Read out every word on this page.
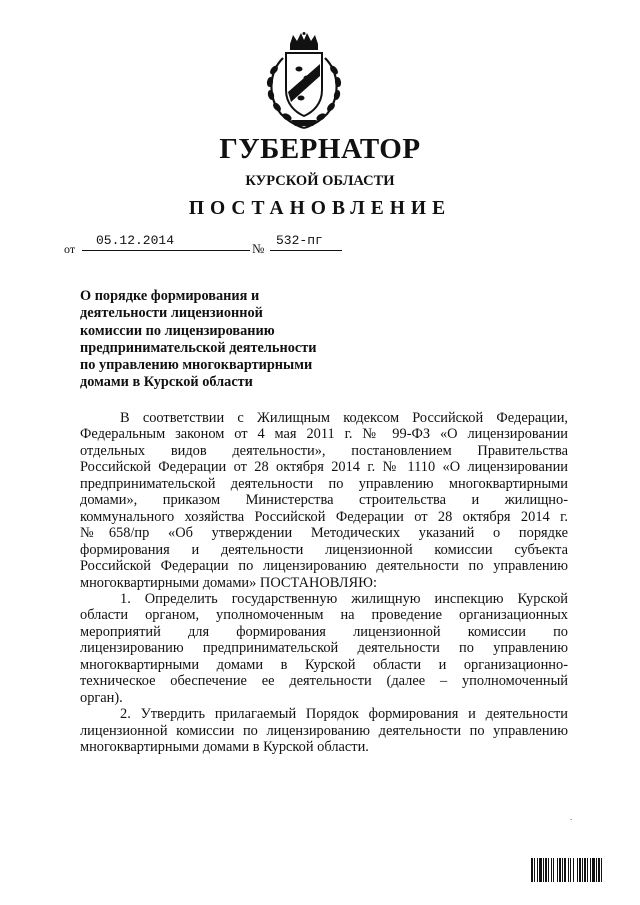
ГУБЕРНАТОР
КУРСКОЙ ОБЛАСТИ
ПОСТАНОВЛЕНИЕ
от
05.12.2014
№
532-пг
О порядке формирования и
деятельности лицензионной
комиссии по лицензированию
предпринимательской деятельности
по управлению многоквартирными
домами в Курской области
В соответствии с Жилищным кодексом Российской Федерации,
Федеральным законом от 4 мая 2011 г. № 99-ФЗ «О лицензировании
отдельных видов деятельности», постановлением Правительства
Российской Федерации от 28 октября 2014 г. № 1110 «О лицензировании
предпринимательской деятельности по управлению многоквартирными
домами», приказом Министерства строительства и жилищно-
коммунального хозяйства Российской Федерации от 28 октября 2014 г.
№658/пр «Об утверждении Методических указаний о порядке
формирования и деятельности лицензионной комиссии субъекта
Российской Федерации по лицензированию деятельности по управлению
многоквартирными домами» ПОСТАНОВЛЯЮ:
1. Определить государственную жилищную инспекцию Курской
области органом, уполномоченным на проведение организационных
мероприятий для формирования лицензионной комиссии по
лицензированию предпринимательской деятельности по управлению
многоквартирными домами в Курской области и организационно-
техническое обеспечение ее деятельности (далее – уполномоченный
орган).
2. Утвердить прилагаемый Порядок формирования и деятельности
лицензионной комиссии по лицензированию деятельности по управлению
многоквартирными домами в Курской области.
.
